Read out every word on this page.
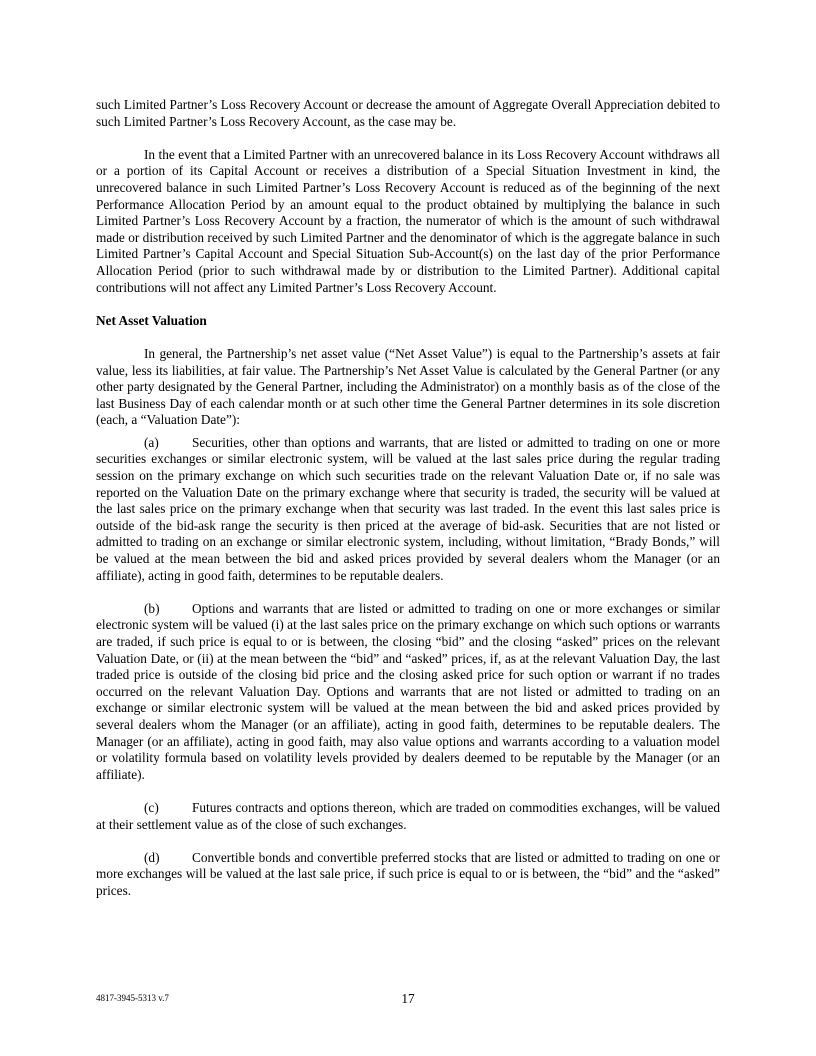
such Limited Partner’s Loss Recovery Account or decrease the amount of Aggregate Overall Appreciation debited to such Limited Partner’s Loss Recovery Account, as the case may be.

In the event that a Limited Partner with an unrecovered balance in its Loss Recovery Account withdraws all or a portion of its Capital Account or receives a distribution of a Special Situation Investment in kind, the unrecovered balance in such Limited Partner’s Loss Recovery Account is reduced as of the beginning of the next Performance Allocation Period by an amount equal to the product obtained by multiplying the balance in such Limited Partner’s Loss Recovery Account by a fraction, the numerator of which is the amount of such withdrawal made or distribution received by such Limited Partner and the denominator of which is the aggregate balance in such Limited Partner’s Capital Account and Special Situation Sub-Account(s) on the last day of the prior Performance Allocation Period (prior to such withdrawal made by or distribution to the Limited Partner). Additional capital contributions will not affect any Limited Partner’s Loss Recovery Account.

Net Asset Valuation

In general, the Partnership’s net asset value (“Net Asset Value”) is equal to the Partnership’s assets at fair value, less its liabilities, at fair value. The Partnership’s Net Asset Value is calculated by the General Partner (or any other party designated by the General Partner, including the Administrator) on a monthly basis as of the close of the last Business Day of each calendar month or at such other time the General Partner determines in its sole discretion (each, a “Valuation Date”):

(a) Securities, other than options and warrants, that are listed or admitted to trading on one or more securities exchanges or similar electronic system, will be valued at the last sales price during the regular trading session on the primary exchange on which such securities trade on the relevant Valuation Date or, if no sale was reported on the Valuation Date on the primary exchange where that security is traded, the security will be valued at the last sales price on the primary exchange when that security was last traded. In the event this last sales price is outside of the bid-ask range the security is then priced at the average of bid-ask. Securities that are not listed or admitted to trading on an exchange or similar electronic system, including, without limitation, “Brady Bonds,” will be valued at the mean between the bid and asked prices provided by several dealers whom the Manager (or an affiliate), acting in good faith, determines to be reputable dealers.

(b) Options and warrants that are listed or admitted to trading on one or more exchanges or similar electronic system will be valued (i) at the last sales price on the primary exchange on which such options or warrants are traded, if such price is equal to or is between, the closing “bid” and the closing “asked” prices on the relevant Valuation Date, or (ii) at the mean between the “bid” and “asked” prices, if, as at the relevant Valuation Day, the last traded price is outside of the closing bid price and the closing asked price for such option or warrant if no trades occurred on the relevant Valuation Day. Options and warrants that are not listed or admitted to trading on an exchange or similar electronic system will be valued at the mean between the bid and asked prices provided by several dealers whom the Manager (or an affiliate), acting in good faith, determines to be reputable dealers. The Manager (or an affiliate), acting in good faith, may also value options and warrants according to a valuation model or volatility formula based on volatility levels provided by dealers deemed to be reputable by the Manager (or an affiliate).

(c) Futures contracts and options thereon, which are traded on commodities exchanges, will be valued at their settlement value as of the close of such exchanges.

(d) Convertible bonds and convertible preferred stocks that are listed or admitted to trading on one or more exchanges will be valued at the last sale price, if such price is equal to or is between, the “bid” and the “asked” prices.

4817-3945-5313 v.7	17
